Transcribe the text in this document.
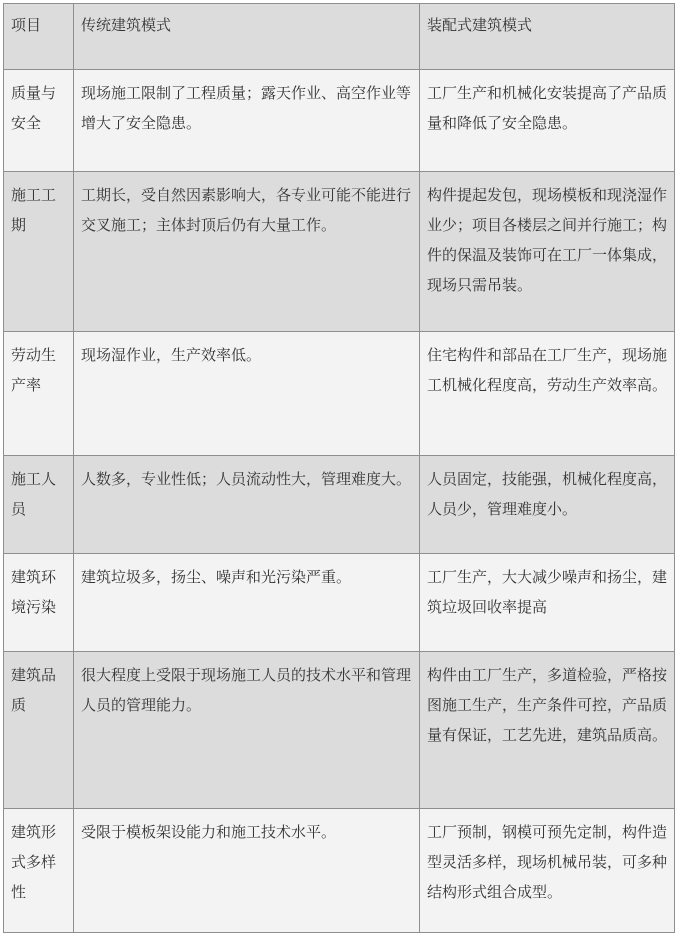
项目	传统建筑模式	装配式建筑模式
质量与安全	现场施工限制了工程质量；露天作业、高空作业等增大了安全隐患。	工厂生产和机械化安装提高了产品质量和降低了安全隐患。
施工工期	工期长，受自然因素影响大，各专业可能不能进行交叉施工；主体封顶后仍有大量工作。	构件提起发包，现场模板和现浇湿作业少；项目各楼层之间并行施工；构件的保温及装饰可在工厂一体集成，现场只需吊装。
劳动生产率	现场湿作业，生产效率低。	住宅构件和部品在工厂生产，现场施工机械化程度高，劳动生产效率高。
施工人员	人数多，专业性低；人员流动性大，管理难度大。	人员固定，技能强，机械化程度高，人员少，管理难度小。
建筑环境污染	建筑垃圾多，扬尘、噪声和光污染严重。	工厂生产，大大减少噪声和扬尘，建筑垃圾回收率提高
建筑品质	很大程度上受限于现场施工人员的技术水平和管理人员的管理能力。	构件由工厂生产，多道检验，严格按图施工生产，生产条件可控，产品质量有保证，工艺先进，建筑品质高。
建筑形式多样性	受限于模板架设能力和施工技术水平。	工厂预制，钢模可预先定制，构件造型灵活多样，现场机械吊装，可多种结构形式组合成型。
